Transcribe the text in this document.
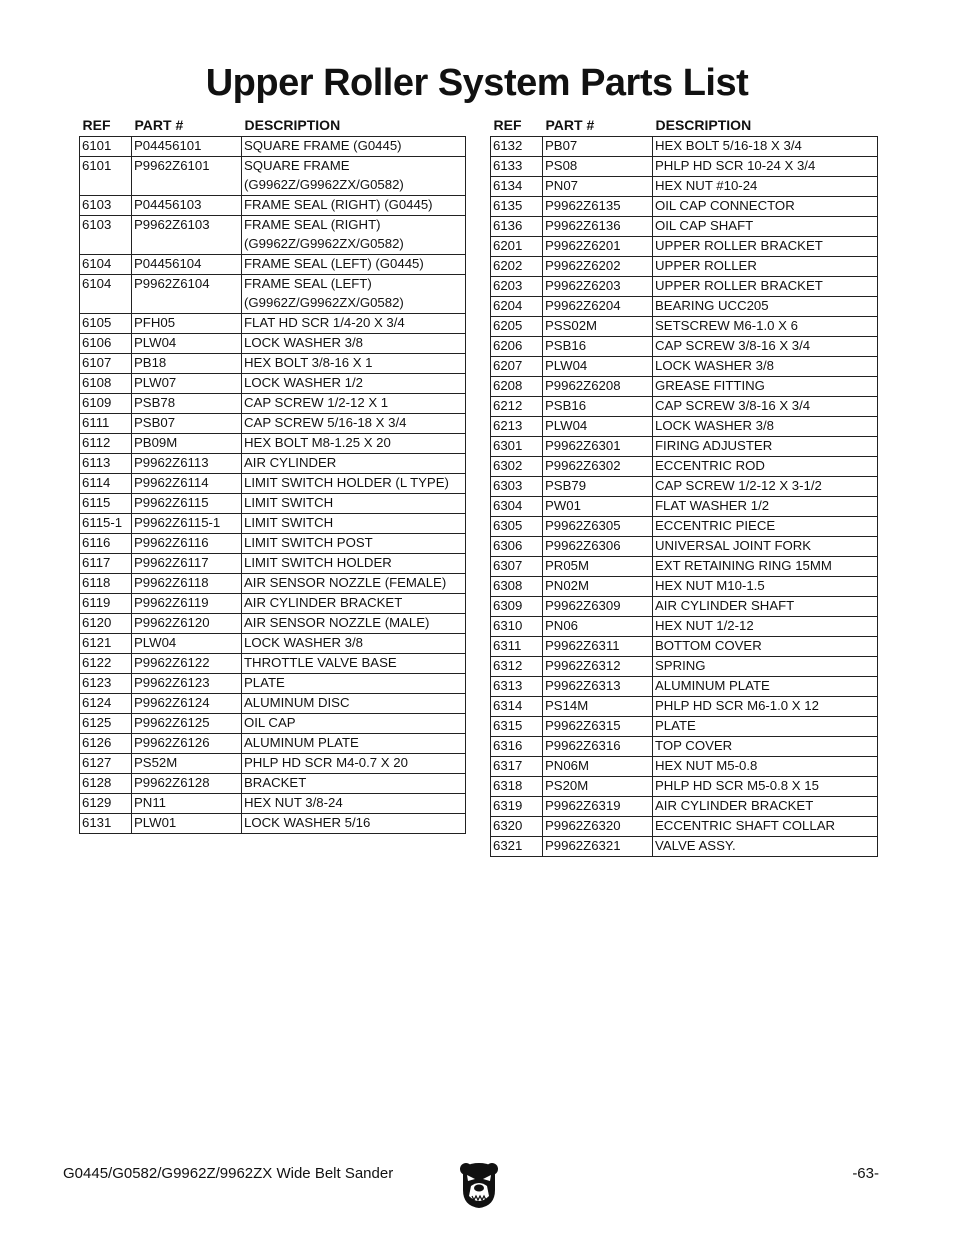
Upper Roller System Parts List
REF	PART #	DESCRIPTION
6101	P04456101	SQUARE FRAME (G0445)

6101	P9962Z6101	SQUARE FRAME
(G9962Z/G9962ZX/G0582)

6103	P04456103	FRAME SEAL (RIGHT) (G0445)

6103	P9962Z6103	FRAME SEAL (RIGHT)
(G9962Z/G9962ZX/G0582)

6104	P04456104	FRAME SEAL (LEFT) (G0445)

6104	P9962Z6104	FRAME SEAL (LEFT)
(G9962Z/G9962ZX/G0582)

6105	PFH05	FLAT HD SCR 1/4-20 X 3/4

6106	PLW04	LOCK WASHER 3/8

6107	PB18	HEX BOLT 3/8-16 X 1

6108	PLW07	LOCK WASHER 1/2

6109	PSB78	CAP SCREW 1/2-12 X 1

6111	PSB07	CAP SCREW 5/16-18 X 3/4

6112	PB09M	HEX BOLT M8-1.25 X 20

6113	P9962Z6113	AIR CYLINDER

6114	P9962Z6114	LIMIT SWITCH HOLDER (L TYPE)

6115	P9962Z6115	LIMIT SWITCH

6115-1	P9962Z6115-1	LIMIT SWITCH

6116	P9962Z6116	LIMIT SWITCH POST

6117	P9962Z6117	LIMIT SWITCH HOLDER

6118	P9962Z6118	AIR SENSOR NOZZLE (FEMALE)

6119	P9962Z6119	AIR CYLINDER BRACKET

6120	P9962Z6120	AIR SENSOR NOZZLE (MALE)

6121	PLW04	LOCK WASHER 3/8

6122	P9962Z6122	THROTTLE VALVE BASE

6123	P9962Z6123	PLATE

6124	P9962Z6124	ALUMINUM DISC

6125	P9962Z6125	OIL CAP

6126	P9962Z6126	ALUMINUM PLATE

6127	PS52M	PHLP HD SCR M4-0.7 X 20

6128	P9962Z6128	BRACKET

6129	PN11	HEX NUT 3/8-24

6131	PLW01	LOCK WASHER 5/16
REF	PART #	DESCRIPTION
6132	PB07	HEX BOLT 5/16-18 X 3/4

6133	PS08	PHLP HD SCR 10-24 X 3/4

6134	PN07	HEX NUT #10-24

6135	P9962Z6135	OIL CAP CONNECTOR

6136	P9962Z6136	OIL CAP SHAFT

6201	P9962Z6201	UPPER ROLLER BRACKET

6202	P9962Z6202	UPPER ROLLER

6203	P9962Z6203	UPPER ROLLER BRACKET

6204	P9962Z6204	BEARING UCC205

6205	PSS02M	SETSCREW M6-1.0 X 6

6206	PSB16	CAP SCREW 3/8-16 X 3/4

6207	PLW04	LOCK WASHER 3/8

6208	P9962Z6208	GREASE FITTING

6212	PSB16	CAP SCREW 3/8-16 X 3/4

6213	PLW04	LOCK WASHER 3/8

6301	P9962Z6301	FIRING ADJUSTER

6302	P9962Z6302	ECCENTRIC ROD

6303	PSB79	CAP SCREW 1/2-12 X 3-1/2

6304	PW01	FLAT WASHER 1/2

6305	P9962Z6305	ECCENTRIC PIECE

6306	P9962Z6306	UNIVERSAL JOINT FORK

6307	PR05M	EXT RETAINING RING 15MM

6308	PN02M	HEX NUT M10-1.5

6309	P9962Z6309	AIR CYLINDER SHAFT

6310	PN06	HEX NUT 1/2-12

6311	P9962Z6311	BOTTOM COVER

6312	P9962Z6312	SPRING

6313	P9962Z6313	ALUMINUM PLATE

6314	PS14M	PHLP HD SCR M6-1.0 X 12

6315	P9962Z6315	PLATE

6316	P9962Z6316	TOP COVER

6317	PN06M	HEX NUT M5-0.8

6318	PS20M	PHLP HD SCR M5-0.8 X 15

6319	P9962Z6319	AIR CYLINDER BRACKET

6320	P9962Z6320	ECCENTRIC SHAFT COLLAR

6321	P9962Z6321	VALVE ASSY.
G0445/G0582/G9962Z/9962ZX Wide Belt Sander	-63-
